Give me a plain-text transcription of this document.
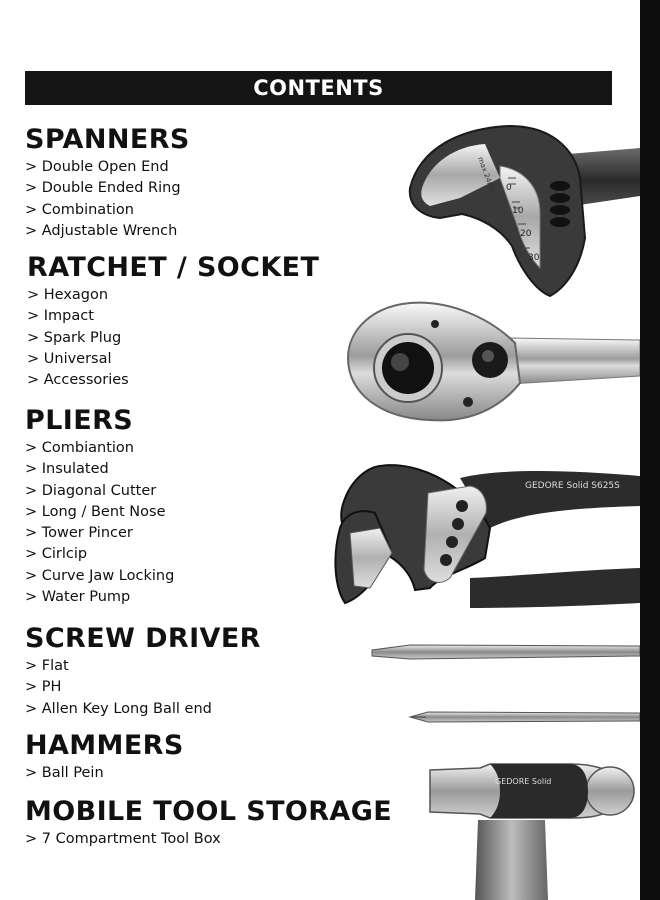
CONTENTS
SPANNERS
> Double Open End
> Double Ended Ring
> Combination
> Adjustable Wrench
RATCHET / SOCKET
> Hexagon
> Impact
> Spark Plug
> Universal
> Accessories
PLIERS
> Combiantion
> Insulated
> Diagonal Cutter
> Long / Bent Nose
> Tower Pincer
> Cirlcip
> Curve Jaw Locking
> Water Pump
SCREW DRIVER
> Flat
> PH
> Allen Key Long Ball end
HAMMERS
> Ball Pein
MOBILE TOOL STORAGE
> 7 Compartment Tool Box
0
10
20
30
max 24mm
GEDORE Solid S625S
GEDORE Solid
